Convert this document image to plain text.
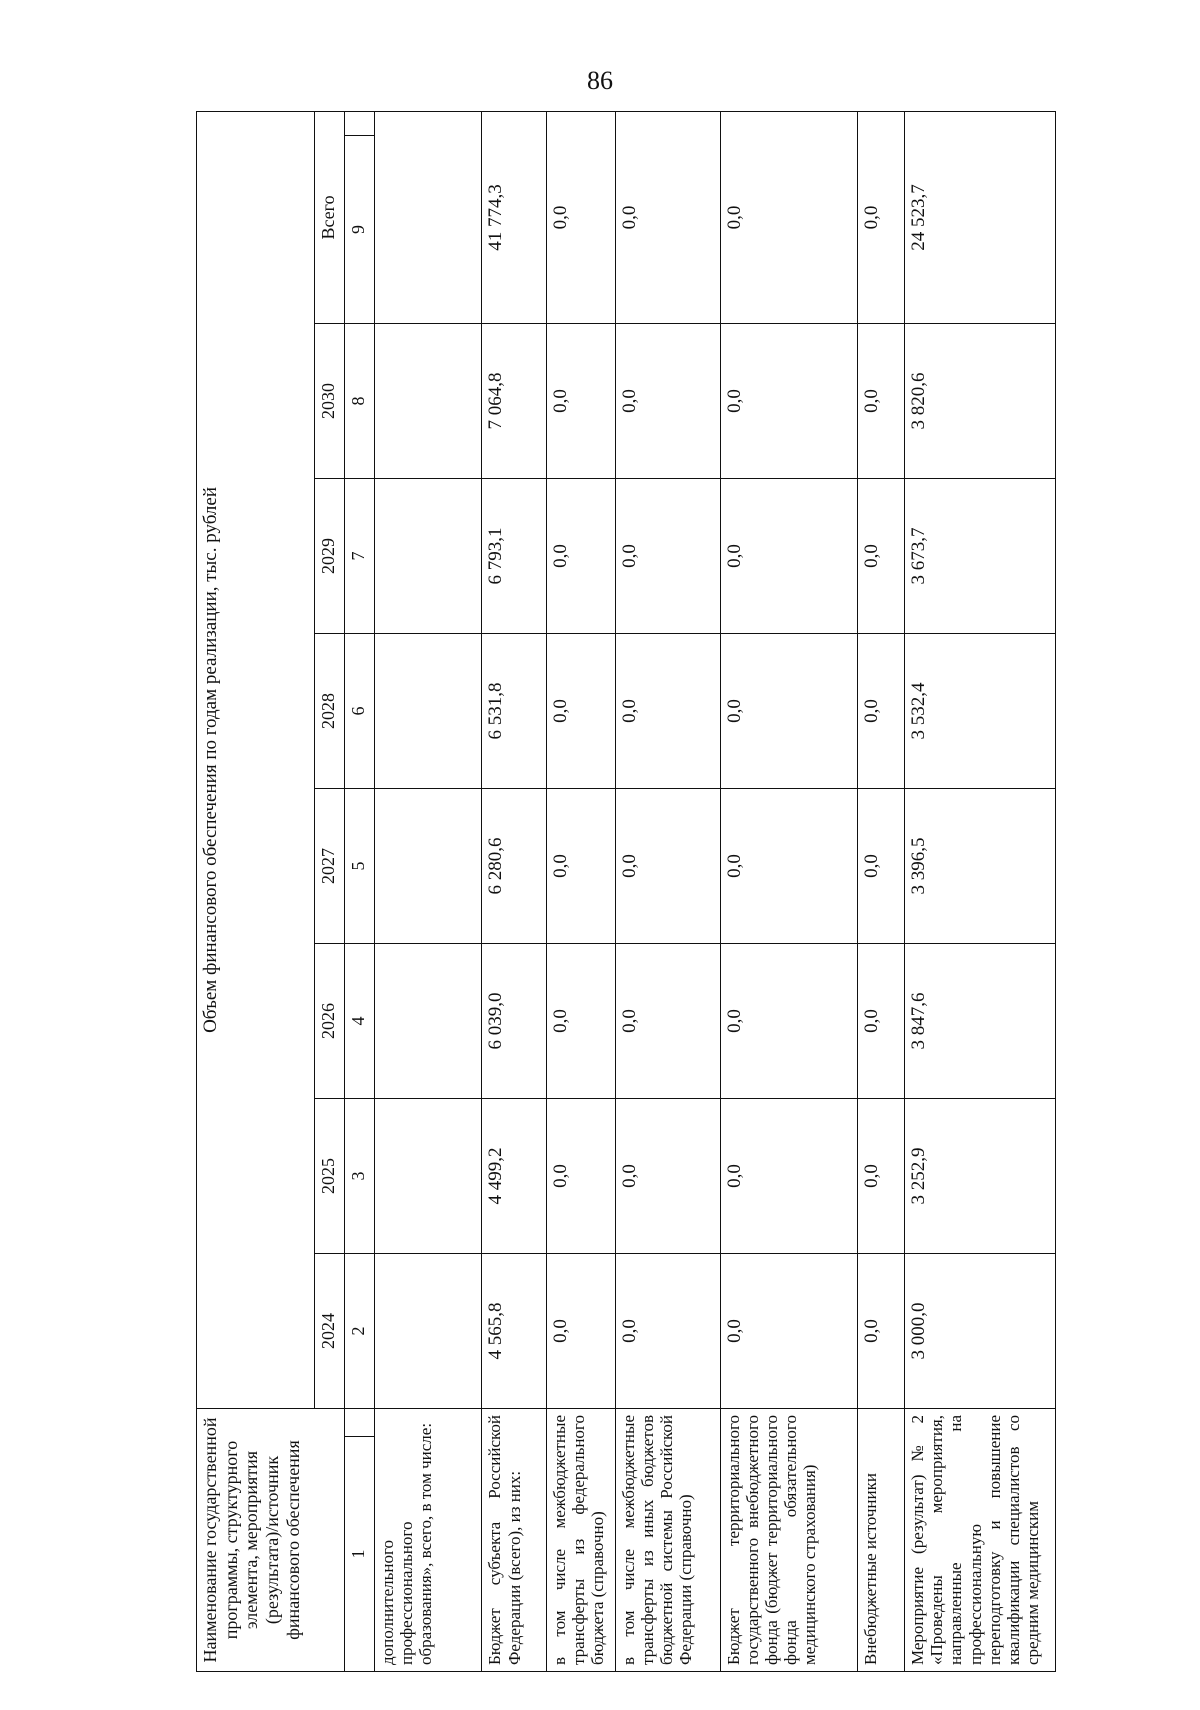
86
Наименование государственной программы, структурного элемента, мероприятия (результата)/источник финансового обеспечения		Объем финансового обеспечения по годам реализации, тыс. рублей								
		2024	2025	2026	2027	2028	2029	2030	Всего	
1		2	3	4	5	6	7	8	9	
дополнительного профессионального образования», всего, в том числе:										
Бюджет субъекта Российской Федерации (всего), из них:		4 565,8	4 499,2	6 039,0	6 280,6	6 531,8	6 793,1	7 064,8	41 774,3	
в том числе межбюджетные трансферты из федерального бюджета (справочно)		0,0	0,0	0,0	0,0	0,0	0,0	0,0	0,0	
в том числе межбюджетные трансферты из иных бюджетов бюджетной системы Российской Федерации (справочно)		0,0	0,0	0,0	0,0	0,0	0,0	0,0	0,0	
Бюджет территориального государственного внебюджетного фонда (бюджет территориального фонда обязательного медицинского страхования)		0,0	0,0	0,0	0,0	0,0	0,0	0,0	0,0	
Внебюджетные источники		0,0	0,0	0,0	0,0	0,0	0,0	0,0	0,0	
Мероприятие (результат) № 2 «Проведены мероприятия, направленные на профессиональную переподготовку и повышение квалификации специалистов со средним медицинским		3 000,0	3 252,9	3 847,6	3 396,5	3 532,4	3 673,7	3 820,6	24 523,7	
